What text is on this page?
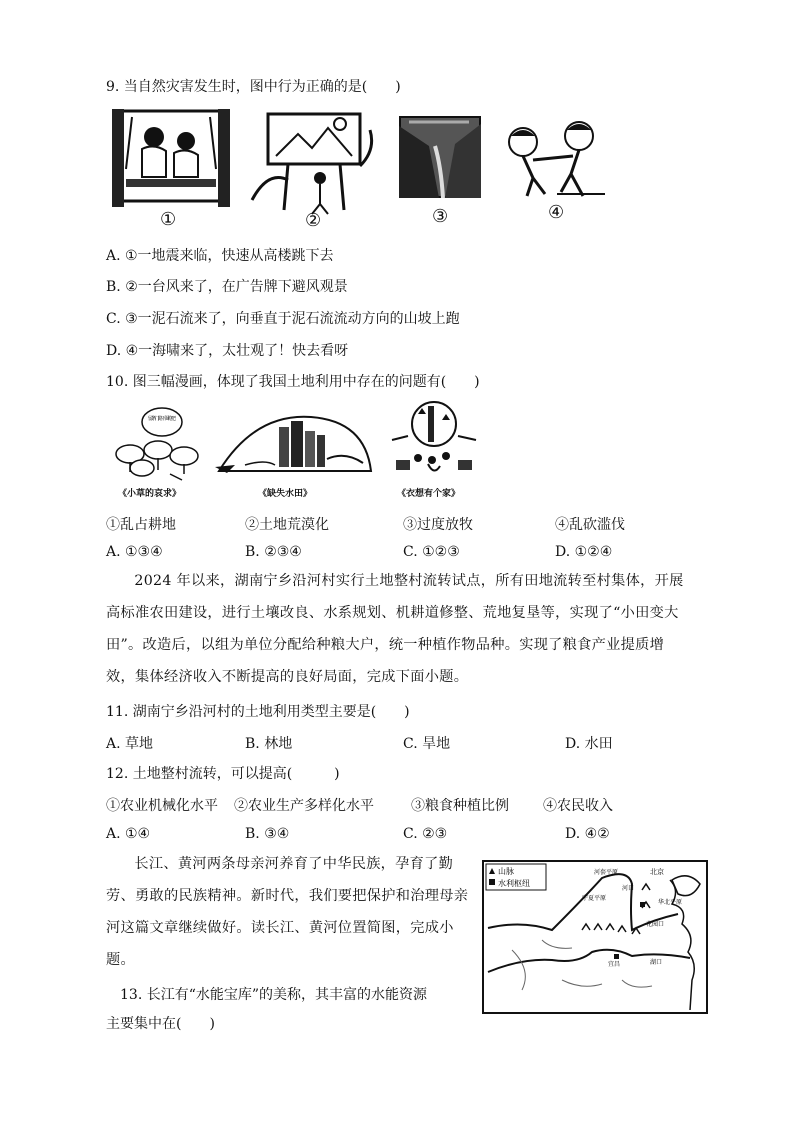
9. 当自然灾害发生时，图中行为正确的是(　　)
①	②	③	④
A. ①一地震来临，快速从高楼跳下去
B. ②一台风来了，在广告牌下避风观景
C. ③一泥石流来了，向垂直于泥石流流动方向的山坡上跑
D. ④一海啸来了，太壮观了！快去看呀
10. 图三幅漫画，体现了我国土地利用中存在的问题有(　　)
留条门路下面吃吧
《小草的哀求》	《缺失水田》	《衣想有个家》
①乱占耕地	②土地荒漠化	③过度放牧	④乱砍滥伐
A. ①③④	B. ②③④	C. ①②③	D. ①②④
2024 年以来，湖南宁乡沿河村实行土地整村流转试点，所有田地流转至村集体，开展高标准农田建设，进行土壤改良、水系规划、机耕道修整、荒地复垦等，实现了“小田变大田”。改造后，以组为单位分配给种粮大户，统一种植作物品种。实现了粮食产业提质增效，集体经济收入不断提高的良好局面，完成下面小题。
11. 湖南宁乡沿河村的土地利用类型主要是(　　)
A. 草地	B. 林地	C. 旱地	D. 水田
12. 土地整村流转，可以提高(　　　)
①农业机械化水平 ②农业生产多样化水平	③粮食种植比例 ④农民收入
A. ①④	B. ③④	C. ②③	D. ④②
长江、黄河两条母亲河养育了中华民族，孕育了勤劳、勇敢的民族精神。新时代，我们要把保护和治理母亲河这篇文章继续做好。读长江、黄河位置简图，完成小题。
山脉
水利枢纽
河套平原	北京
河口
宁夏平原
华北平原
花园口
宜昌	湖口
13. 长江有“水能宝库”的美称，其丰富的水能资源
主要集中在(　　)
